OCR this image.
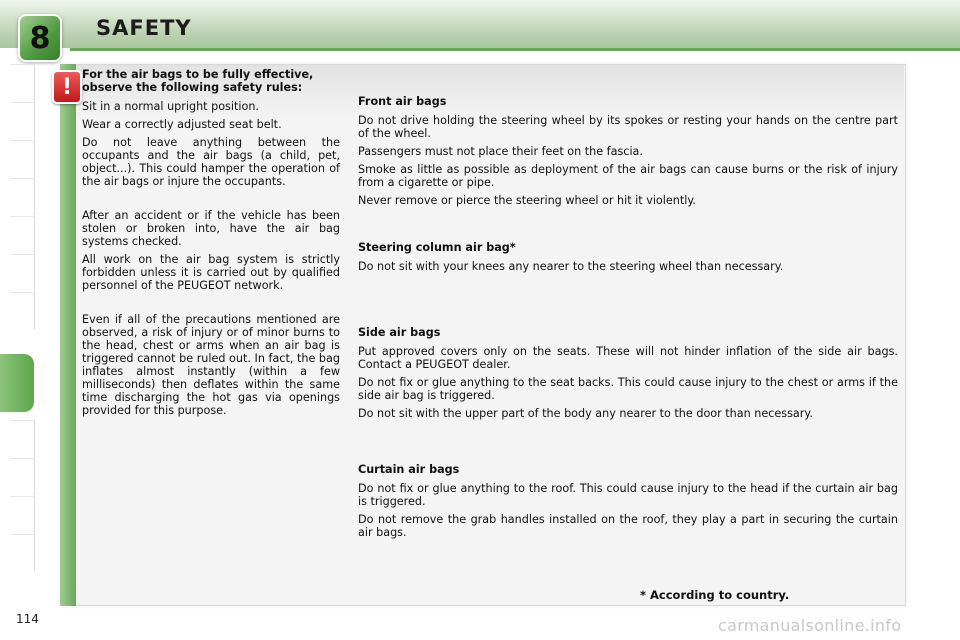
8	SAFETY
! For the air bags to be fully effective, observe the following safety rules:

Sit in a normal upright position.

Wear a correctly adjusted seat belt.

Do not leave anything between the occupants and the air bags (a child, pet, object...). This could hamper the operation of the air bags or injure the occupants.

After an accident or if the vehicle has been stolen or broken into, have the air bag systems checked.

All work on the air bag system is strictly forbidden unless it is carried out by qualified personnel of the PEUGEOT network.

Even if all of the precautions mentioned are observed, a risk of injury or of minor burns to the head, chest or arms when an air bag is triggered cannot be ruled out. In fact, the bag inflates almost instantly (within a few milliseconds) then deflates within the same time discharging the hot gas via openings provided for this purpose.

Front air bags

Do not drive holding the steering wheel by its spokes or resting your hands on the centre part of the wheel.

Passengers must not place their feet on the fascia.

Smoke as little as possible as deployment of the air bags can cause burns or the risk of injury from a cigarette or pipe.

Never remove or pierce the steering wheel or hit it violently.

Steering column air bag*

Do not sit with your knees any nearer to the steering wheel than necessary.

Side air bags

Put approved covers only on the seats. These will not hinder inflation of the side air bags. Contact a PEUGEOT dealer.

Do not fix or glue anything to the seat backs. This could cause injury to the chest or arms if the side air bag is triggered.

Do not sit with the upper part of the body any nearer to the door than necessary.

Curtain air bags

Do not fix or glue anything to the roof. This could cause injury to the head if the curtain air bag is triggered.

Do not remove the grab handles installed on the roof, they play a part in securing the curtain air bags.

* According to country.
114	carmanualsonline.info
